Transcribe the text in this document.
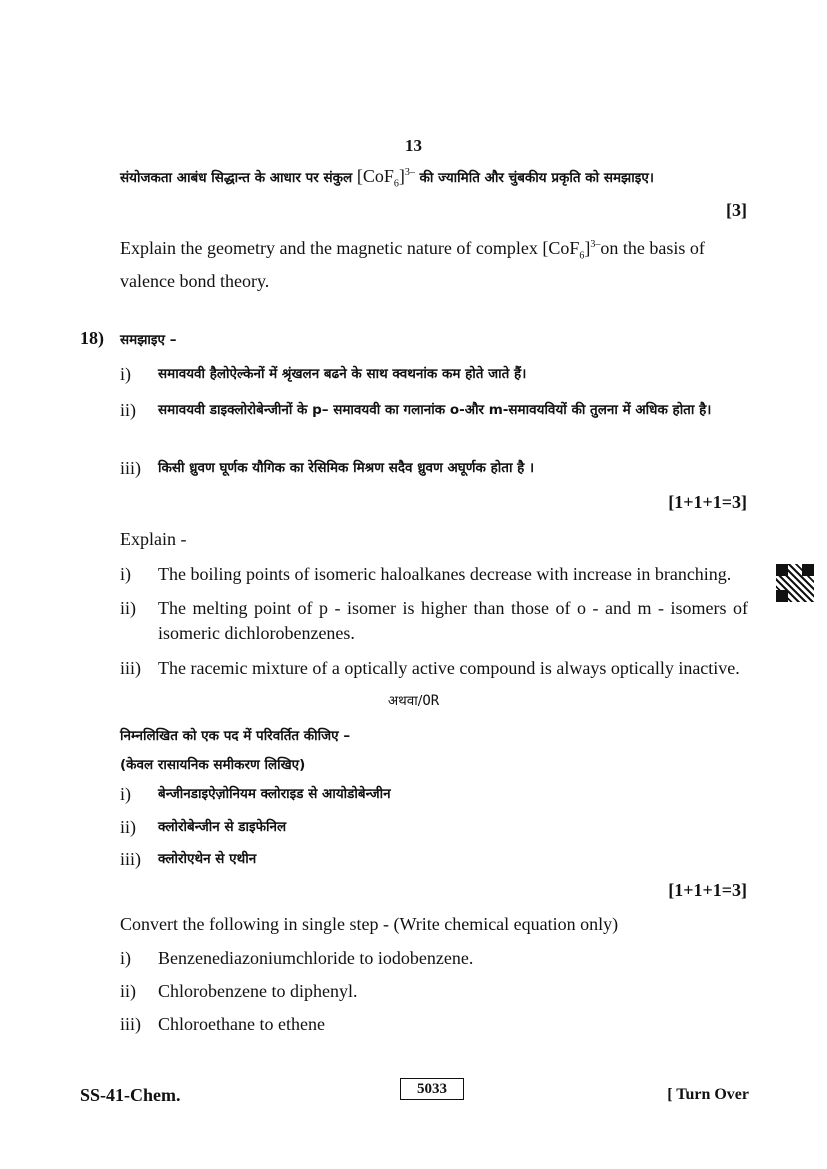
13
संयोजकता आबंध सिद्धान्त के आधार पर संकुल $[CoF_6]^{3-}$ की ज्यामिति और चुंबकीय प्रकृति को समझाइए।
[3]
Explain the geometry and the magnetic nature of complex $[CoF_6]^{3-}on$ the basis of valence bond theory.
18) समझाइए –
i) समावयवी हैलोऐल्केनों में श्रृंखलन बढने के साथ क्वथनांक कम होते जाते हैं।
ii) समावयवी डाइक्लोरोबेन्जीनों के p– समावयवी का गलानांक o-और m-समावयवियों की तुलना में अधिक होता है।
iii) किसी ध्रुवण घूर्णक यौगिक का रेसिमिक मिश्रण सदैव ध्रुवण अघूर्णक होता है ।
[1+1+1=3]
Explain -
i) The boiling points of isomeric haloalkanes decrease with increase in branching.
ii) The melting point of p - isomer is higher than those of o - and m - isomers of isomeric dichlorobenzenes.
iii) The racemic mixture of a optically active compound is always optically inactive.
अथवा/OR
निम्नलिखित को एक पद में परिवर्तित कीजिए –
(केवल रासायनिक समीकरण लिखिए)
i) बेन्जीनडाइऐज़ोनियम क्लोराइड से आयोडोबेन्जीन
ii) क्लोरोबेन्जीन से डाइफेनिल
iii) क्लोरोएथेन से एथीन
[1+1+1=3]
Convert the following in single step - (Write chemical equation only)
i) Benzenediazoniumchloride to iodobenzene.
ii) Chlorobenzene to diphenyl.
iii) Chloroethane to ethene
SS-41-Chem.	5033	[ Turn Over
